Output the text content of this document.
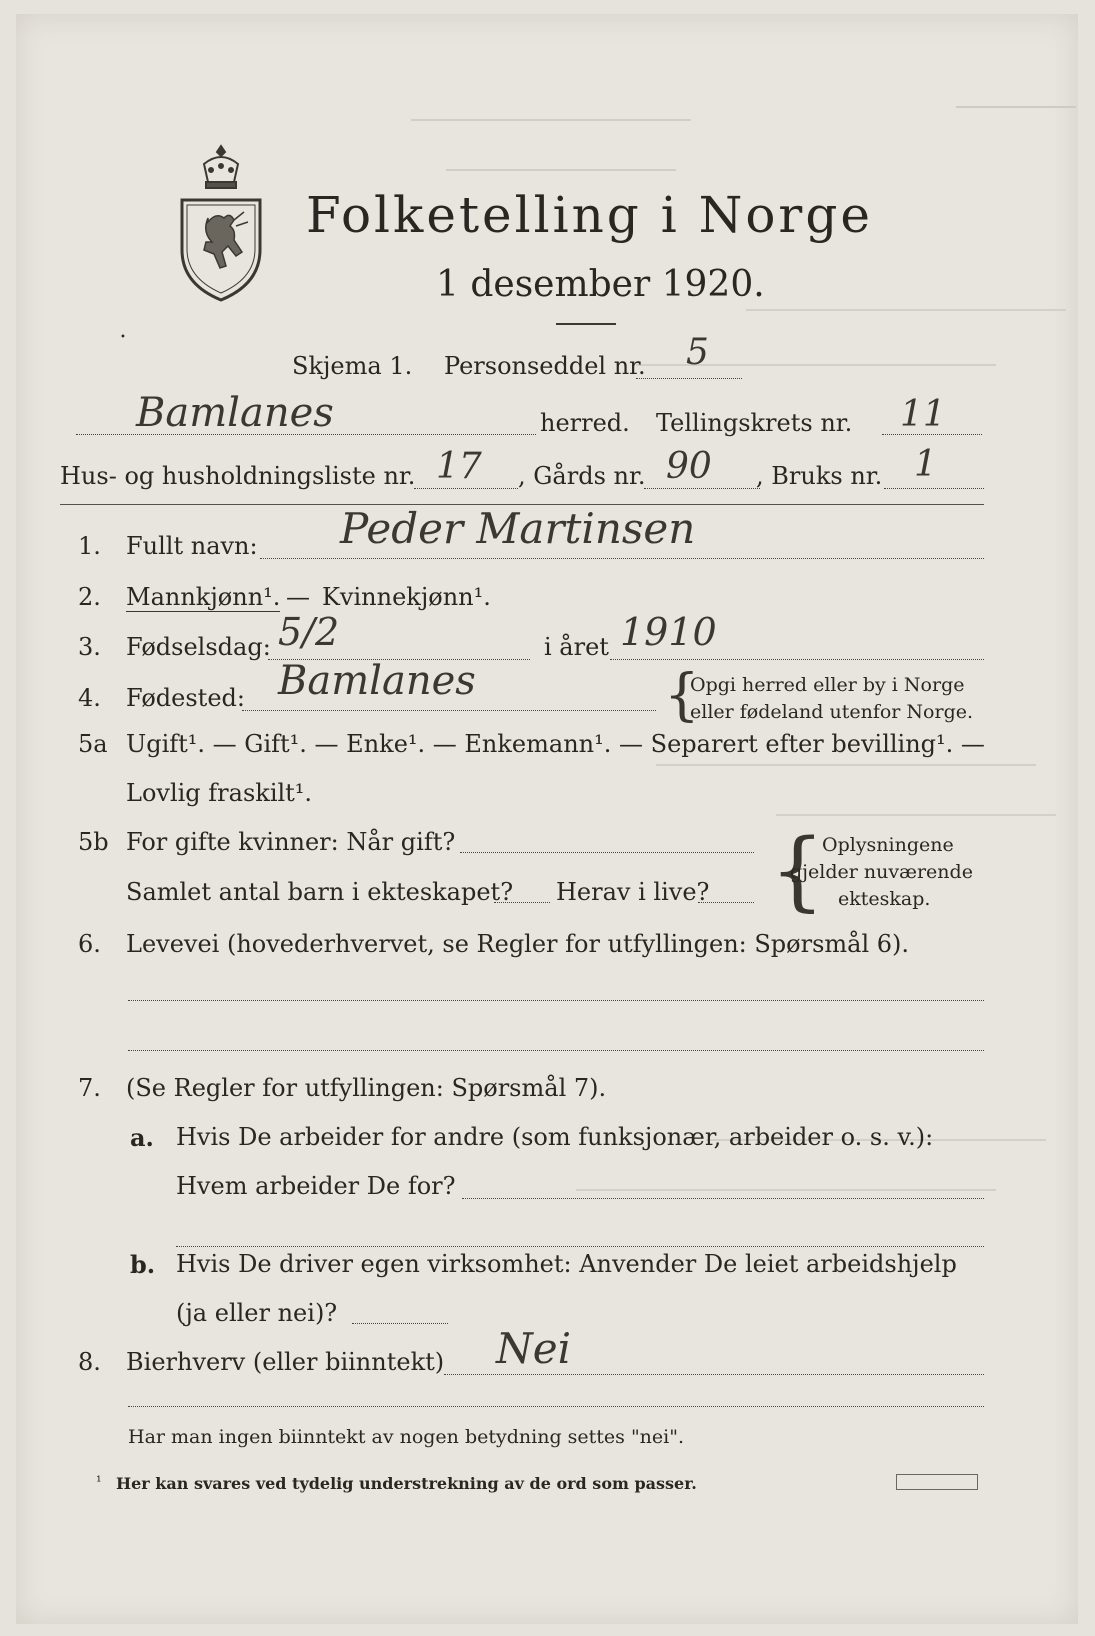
Folketelling i Norge
1 desember 1920.
•
Skjema 1. Personseddel nr. 5
Bamlanes	herred. Tellingskrets nr. 11
Hus- og husholdningsliste nr. 17 , Gårds nr. 90 , Bruks nr. 1
1. Fullt navn: Peder Martinsen
2. Mannkjønn¹. — Kvinnekjønn¹.
3. Fødselsdag: 5/2	i året 1910
4. Fødested: Bamlanes	{
Opgi herred eller by i Norge
eller fødeland utenfor Norge.
5a Ugift¹. — Gift¹. — Enke¹. — Enkemann¹. — Separert efter bevilling¹. —
Lovlig fraskilt¹.
5b For gifte kvinner: Når gift?
Samlet antal barn i ekteskapet? Herav i live? {
Oplysningene
gjelder nuværende
ekteskap.
6. Levevei (hovederhvervet, se Regler for utfyllingen: Spørsmål 6).
7. (Se Regler for utfyllingen: Spørsmål 7).
a. Hvis De arbeider for andre (som funksjonær, arbeider o. s. v.):
Hvem arbeider De for?
b. Hvis De driver egen virksomhet: Anvender De leiet arbeidshjelp
(ja eller nei)?
8. Bierhverv (eller biinntekt) Nei
Har man ingen biinntekt av nogen betydning settes "nei".
¹ Her kan svares ved tydelig understrekning av de ord som passer.
